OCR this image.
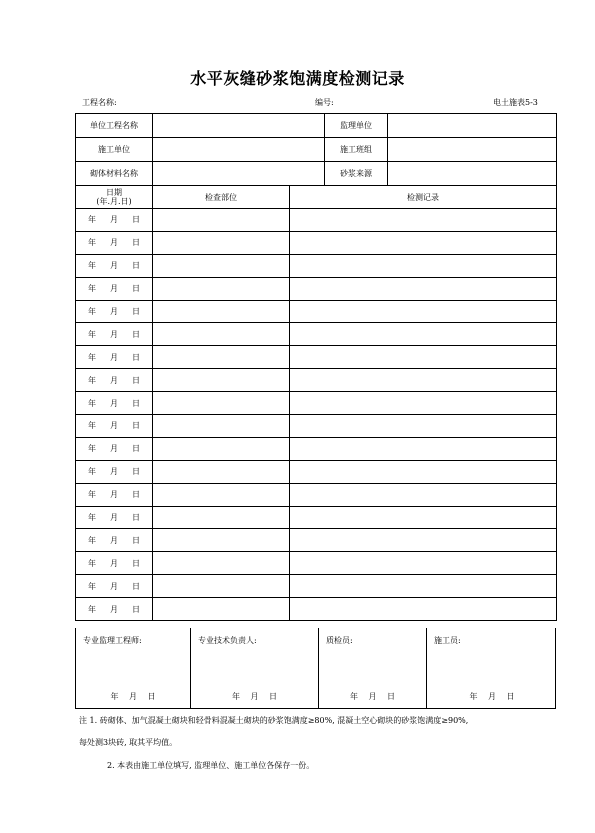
水平灰缝砂浆饱满度检测记录
工程名称:	编号:	电土施表5-3
单位工程名称			监理单位	
施工单位			施工班组	
砌体材料名称			砂浆来源	

日期
(年.月.日)	检查部位	检测记录		
年 月 日				
年 月 日				
年 月 日				
年 月 日				
年 月 日				
年 月 日				
年 月 日				
年 月 日				
年 月 日				
年 月 日				
年 月 日				
年 月 日				
年 月 日				
年 月 日				
年 月 日				
年 月 日				
年 月 日				
年 月 日				
专业监理工程师:
年 月 日
专业技术负责人:
年 月 日
质检员:
年 月 日
施工员:
年 月 日
注 1. 砖砌体、加气混凝土砌块和轻骨料混凝土砌块的砂浆饱满度≥80%, 混凝土空心砌块的砂浆饱满度≥90%,
每处测3块砖, 取其平均值。
2. 本表由施工单位填写, 监理单位、施工单位各保存一份。
